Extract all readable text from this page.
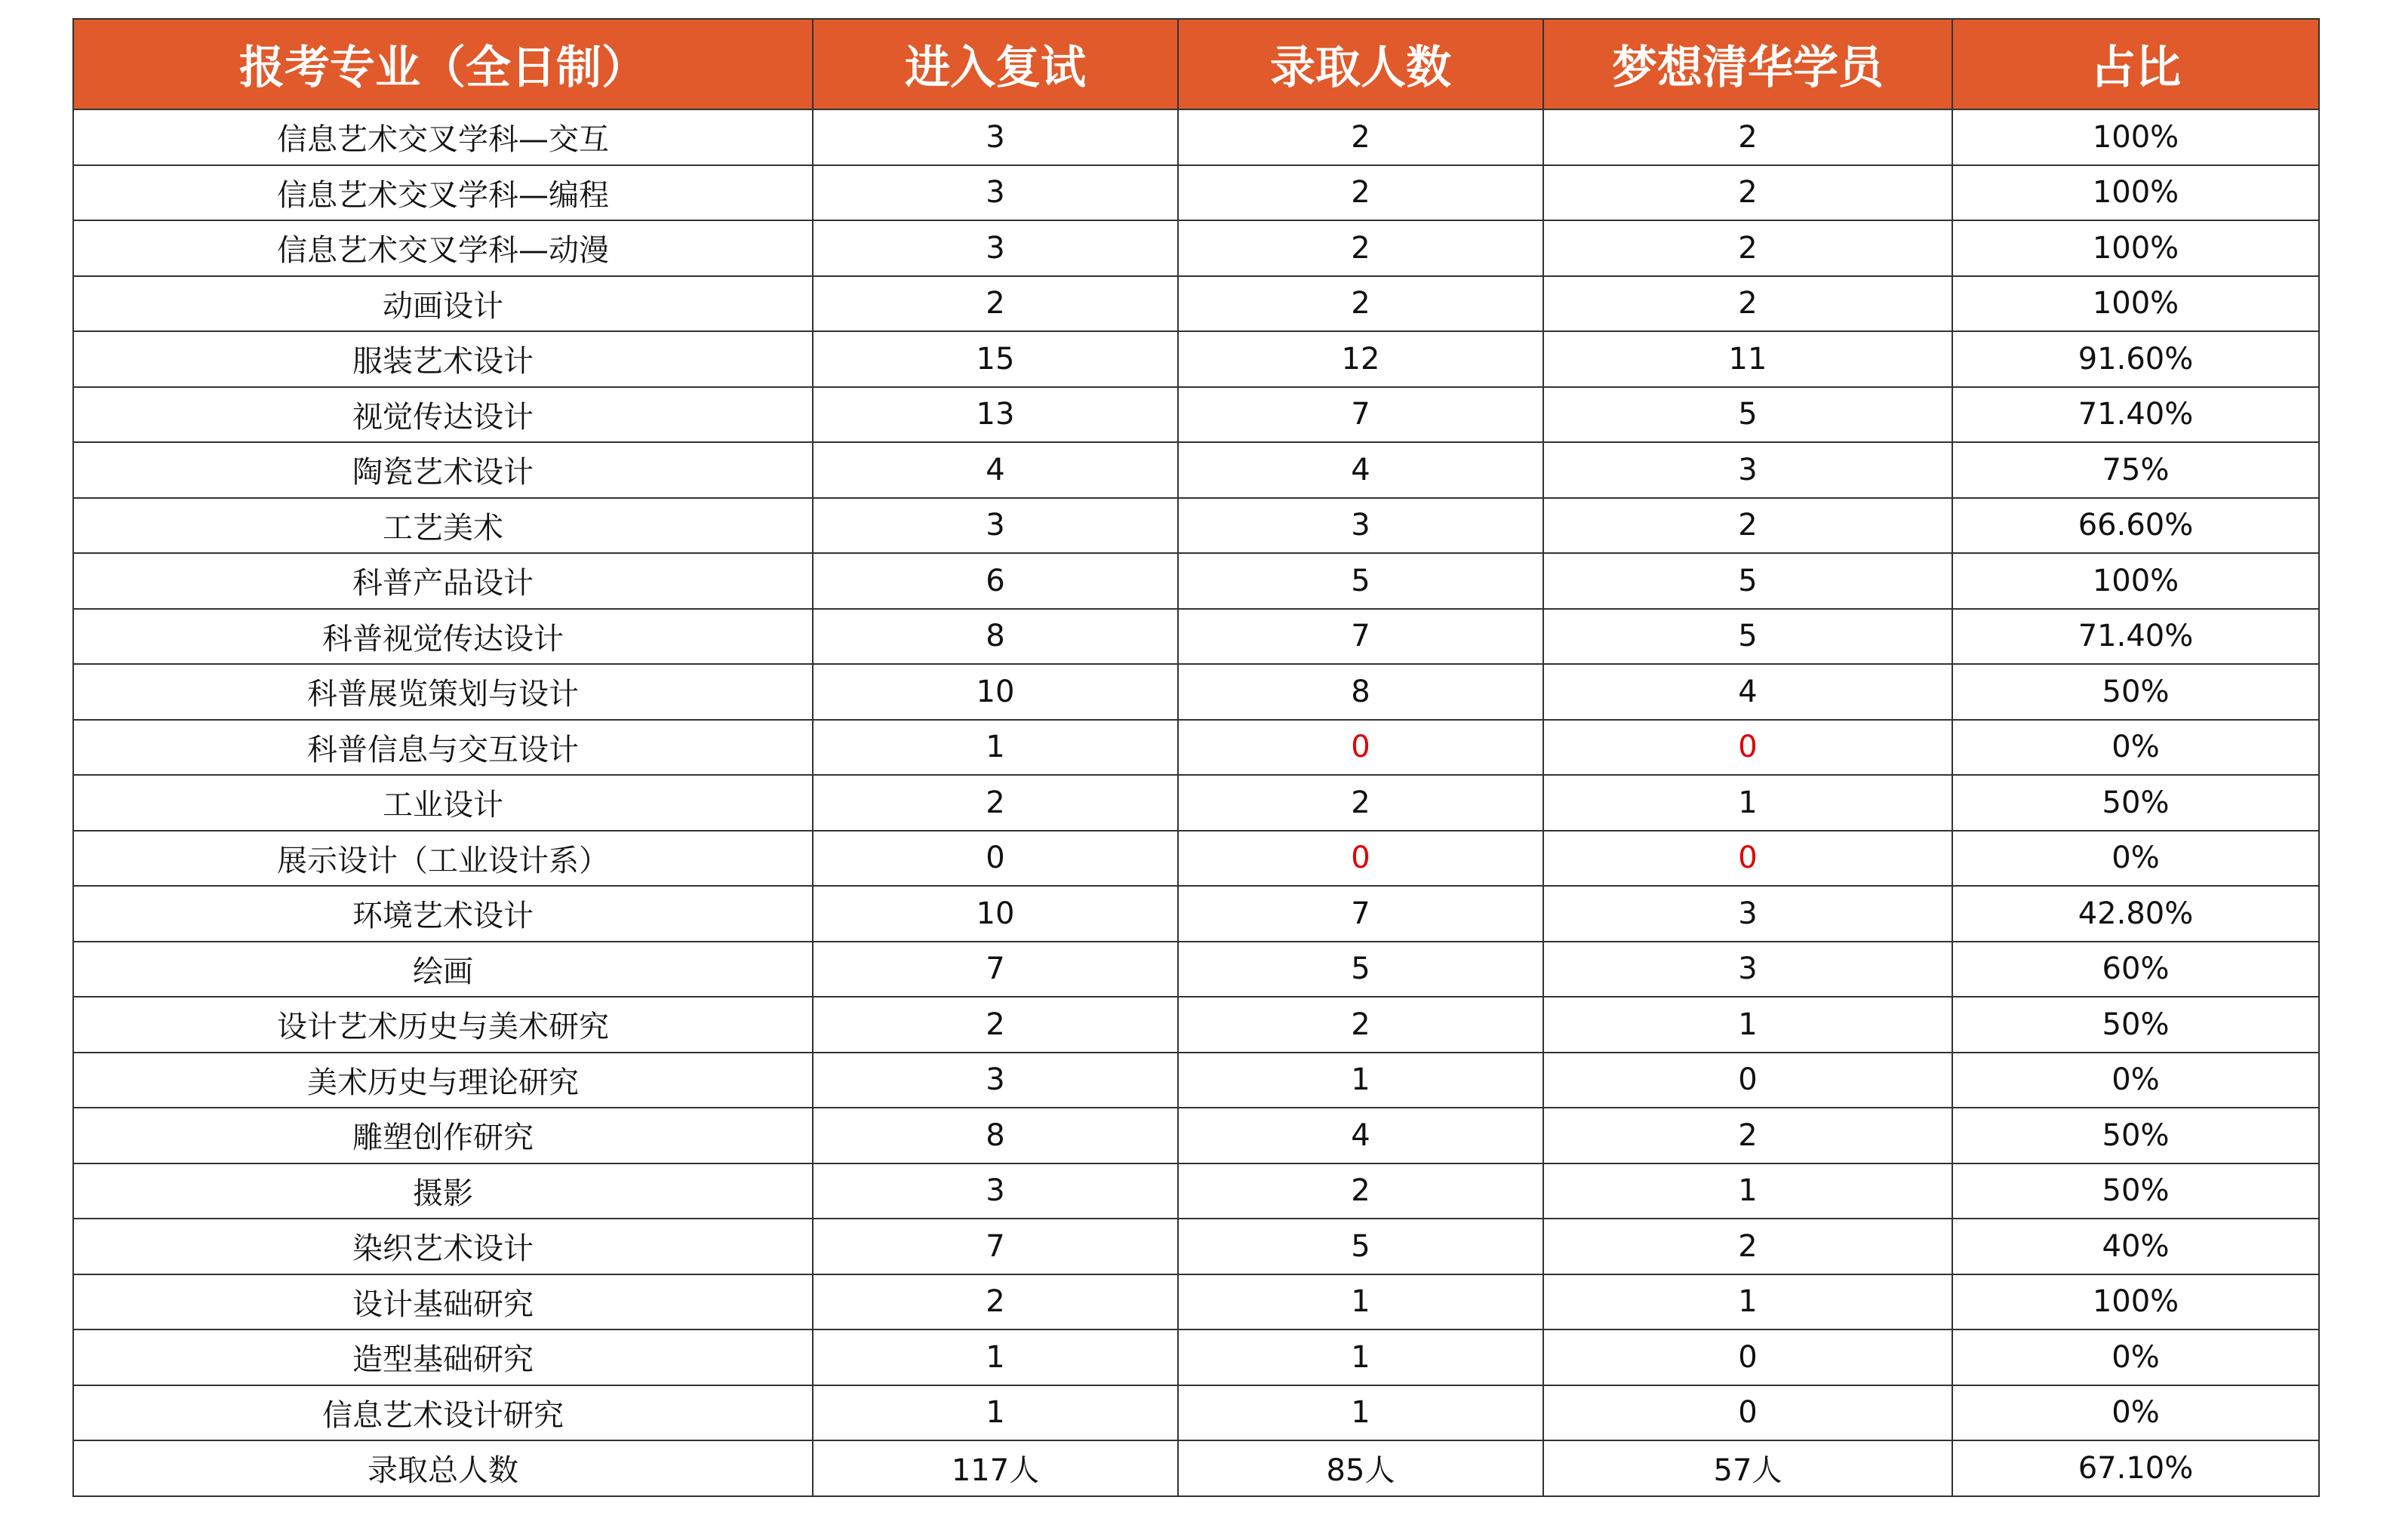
报考专业（全日制）	进入复试	录取人数	梦想清华学员	占比
信息艺术交叉学科—交互	3	2	2	100%
信息艺术交叉学科—编程	3	2	2	100%
信息艺术交叉学科—动漫	3	2	2	100%
动画设计	2	2	2	100%
服装艺术设计	15	12	11	91.60%
视觉传达设计	13	7	5	71.40%
陶瓷艺术设计	4	4	3	75%
工艺美术	3	3	2	66.60%
科普产品设计	6	5	5	100%
科普视觉传达设计	8	7	5	71.40%
科普展览策划与设计	10	8	4	50%
科普信息与交互设计	1	0	0	0%
工业设计	2	2	1	50%
展示设计（工业设计系）	0	0	0	0%
环境艺术设计	10	7	3	42.80%
绘画	7	5	3	60%
设计艺术历史与美术研究	2	2	1	50%
美术历史与理论研究	3	1	0	0%
雕塑创作研究	8	4	2	50%
摄影	3	2	1	50%
染织艺术设计	7	5	2	40%
设计基础研究	2	1	1	100%
造型基础研究	1	1	0	0%
信息艺术设计研究	1	1	0	0%
录取总人数	117人	85人	57人	67.10%
